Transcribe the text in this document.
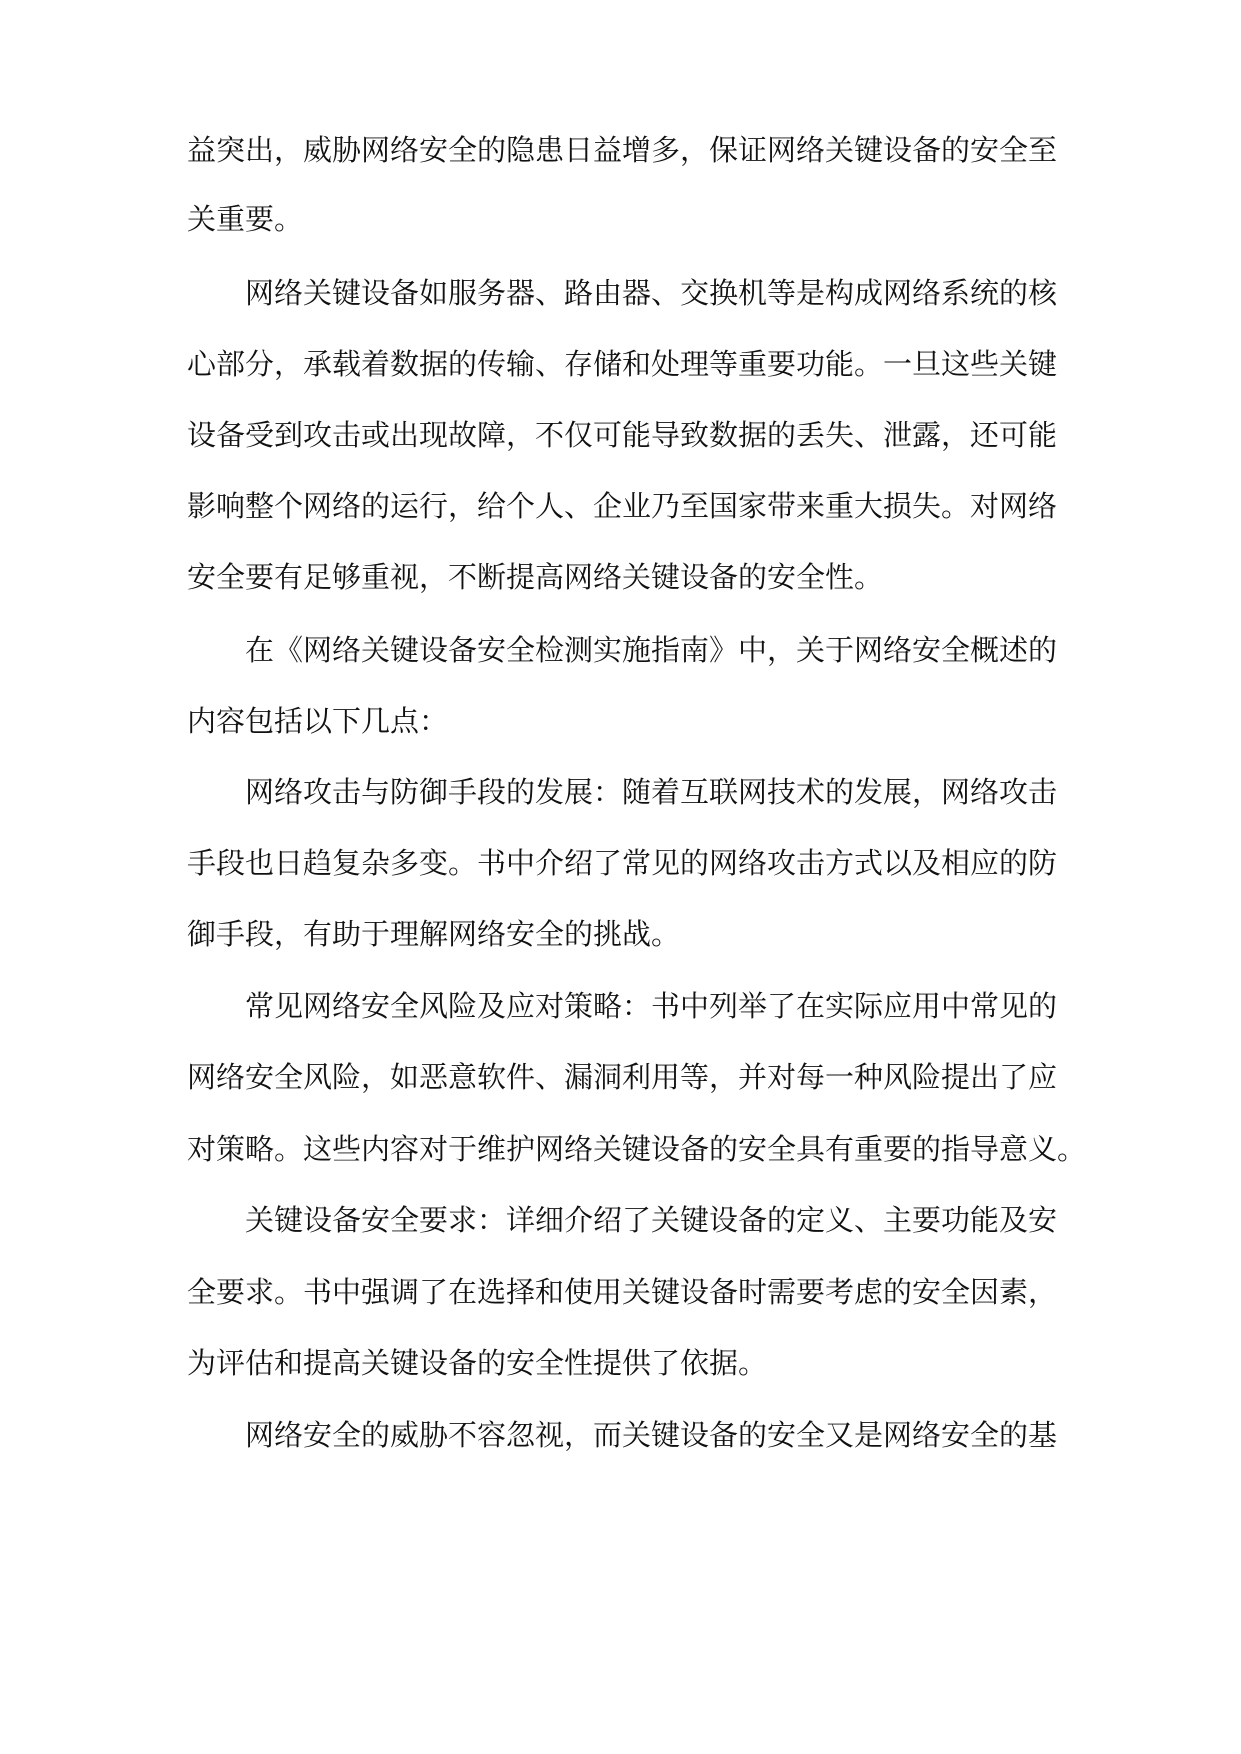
益突出，威胁网络安全的隐患日益增多，保证网络关键设备的安全至
关重要。
网络关键设备如服务器、路由器、交换机等是构成网络系统的核
心部分，承载着数据的传输、存储和处理等重要功能。一旦这些关键
设备受到攻击或出现故障，不仅可能导致数据的丢失、泄露，还可能
影响整个网络的运行，给个人、企业乃至国家带来重大损失。对网络
安全要有足够重视，不断提高网络关键设备的安全性。
在《网络关键设备安全检测实施指南》中，关于网络安全概述的
内容包括以下几点：
网络攻击与防御手段的发展：随着互联网技术的发展，网络攻击
手段也日趋复杂多变。书中介绍了常见的网络攻击方式以及相应的防
御手段，有助于理解网络安全的挑战。
常见网络安全风险及应对策略：书中列举了在实际应用中常见的
网络安全风险，如恶意软件、漏洞利用等，并对每一种风险提出了应
对策略。这些内容对于维护网络关键设备的安全具有重要的指导意义。
关键设备安全要求：详细介绍了关键设备的定义、主要功能及安
全要求。书中强调了在选择和使用关键设备时需要考虑的安全因素，
为评估和提高关键设备的安全性提供了依据。
网络安全的威胁不容忽视，而关键设备的安全又是网络安全的基
